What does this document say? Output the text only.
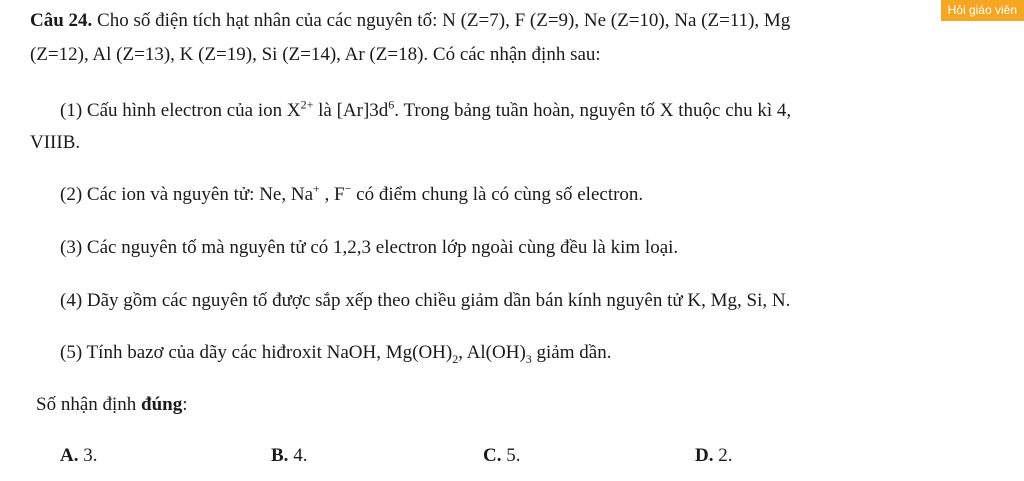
Hỏi giáo viên
Câu 24. Cho số điện tích hạt nhân của các nguyên tố: N (Z=7), F (Z=9), Ne (Z=10), Na (Z=11), Mg
(Z=12), Al (Z=13), K (Z=19), Si (Z=14), Ar (Z=18). Có các nhận định sau:
(1) Cấu hình electron của ion $X^{2+}$ là $[Ar]3d^6$. Trong bảng tuần hoàn, nguyên tố X thuộc chu kì 4,
VIIIB.
(2) Các ion và nguyên tử: Ne, Na+ , F− có điểm chung là có cùng số electron.
(3) Các nguyên tố mà nguyên tử có 1,2,3 electron lớp ngoài cùng đều là kim loại.
(4) Dãy gồm các nguyên tố được sắp xếp theo chiều giảm dần bán kính nguyên tử K, Mg, Si, N.
(5) Tính bazơ của dãy các hiđroxit NaOH, $Mg(OH)_2$, $Al(OH)_3$ giảm dần.
Số nhận định đúng:
A. 3.	B. 4.	C. 5.	D. 2.
